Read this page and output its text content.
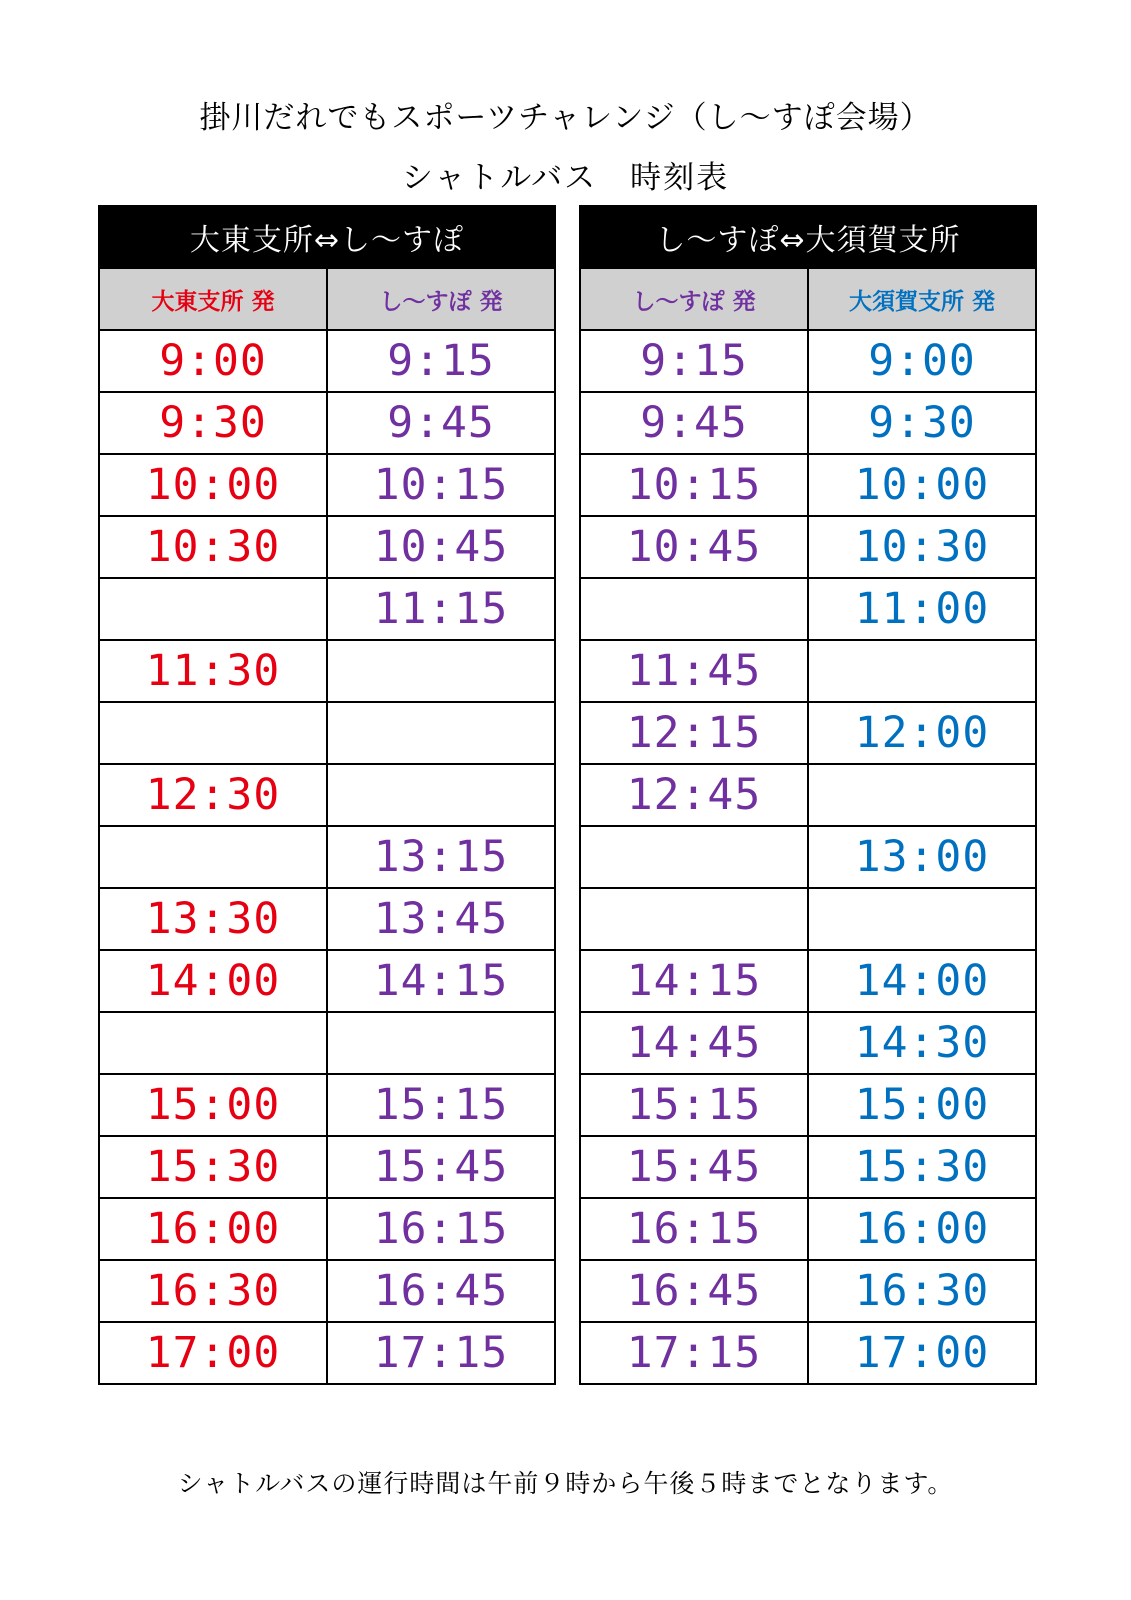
掛川だれでもスポーツチャレンジ（し～すぽ会場）
シャトルバス　時刻表
大東支所⇔し～すぽ	
大東支所 発	し～すぽ 発
9:00	9:15
9:30	9:45
10:00	10:15
10:30	10:45
	11:15
11:30	

12:30	
	13:15
13:30	13:45
14:00	14:15

15:00	15:15
15:30	15:45
16:00	16:15
16:30	16:45
17:00	17:15
し～すぽ⇔大須賀支所	
し～すぽ 発	大須賀支所 発
9:15	9:00
9:45	9:30
10:15	10:00
10:45	10:30
	11:00
11:45	
12:15	12:00
12:45	
	13:00

14:15	14:00
14:45	14:30
15:15	15:00
15:45	15:30
16:15	16:00
16:45	16:30
17:15	17:00
シャトルバスの運行時間は午前９時から午後５時までとなります。
